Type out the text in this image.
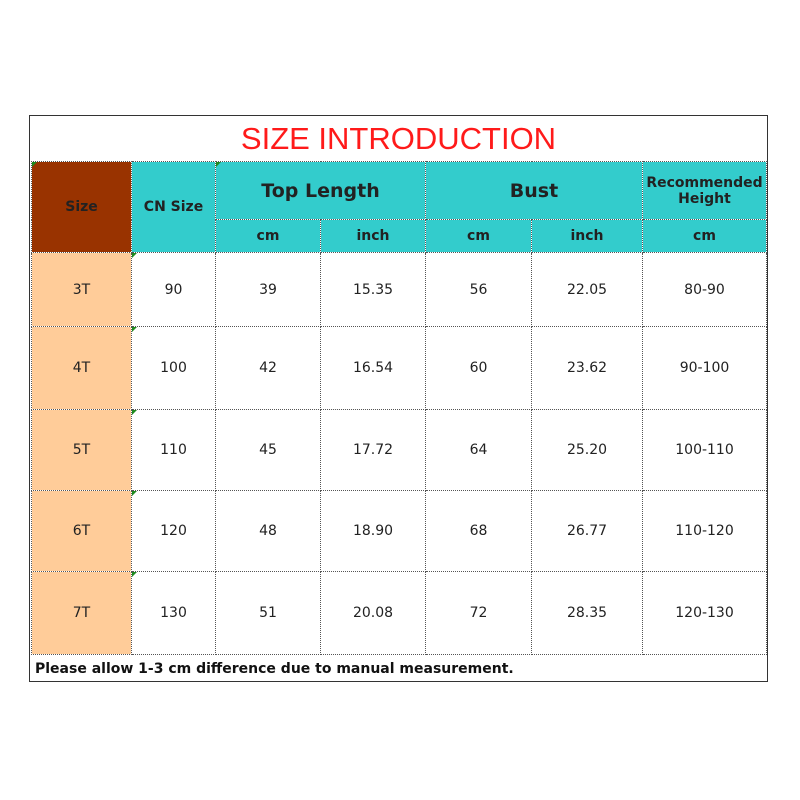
SIZE INTRODUCTION
Size	CN Size	Top Length		Bust		Recommended Height
		cm	inch	cm	inch	cm
3T	90	39	15.35	56	22.05	80-90
4T	100	42	16.54	60	23.62	90-100
5T	110	45	17.72	64	25.20	100-110
6T	120	48	18.90	68	26.77	110-120
7T	130	51	20.08	72	28.35	120-130
Please allow 1-3 cm difference due to manual measurement.
